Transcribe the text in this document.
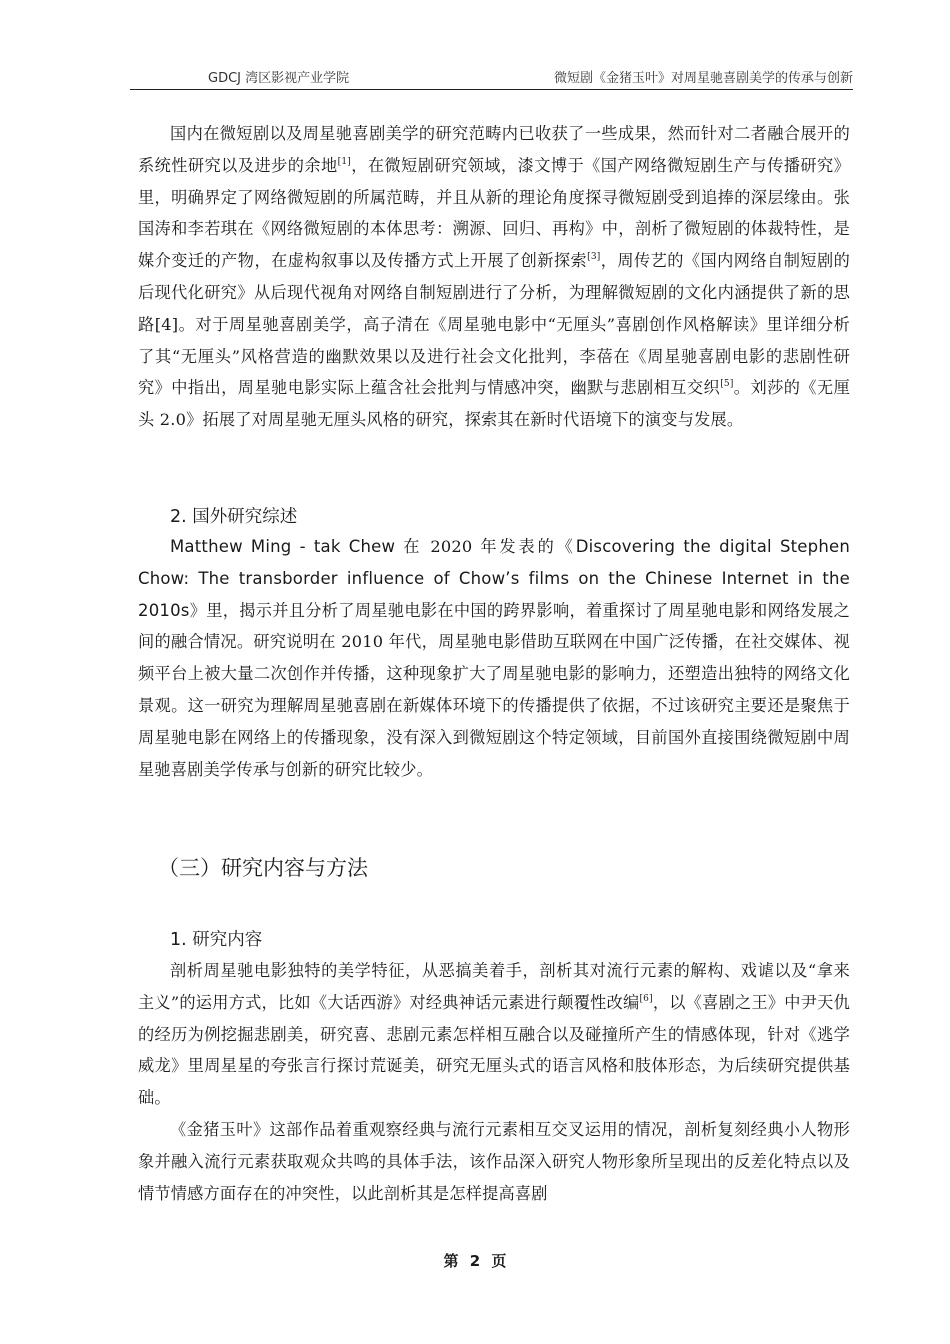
GDCJ 湾区影视产业学院	微短剧《金猪玉叶》对周星驰喜剧美学的传承与创新

国内在微短剧以及周星驰喜剧美学的研究范畴内已收获了一些成果，然而针对二者融合展开的系统性研究以及进步的余地[1]，在微短剧研究领域，漆文博于《国产网络微短剧生产与传播研究》里，明确界定了网络微短剧的所属范畴，并且从新的理论角度探寻微短剧受到追捧的深层缘由。张国涛和李若琪在《网络微短剧的本体思考：溯源、回归、再构》中，剖析了微短剧的体裁特性，是媒介变迁的产物，在虚构叙事以及传播方式上开展了创新探索[3]，周传艺的《国内网络自制短剧的后现代化研究》从后现代视角对网络自制短剧进行了分析，为理解微短剧的文化内涵提供了新的思路[4]。对于周星驰喜剧美学，高子清在《周星驰电影中“无厘头”喜剧创作风格解读》里详细分析了其“无厘头”风格营造的幽默效果以及进行社会文化批判，李蓓在《周星驰喜剧电影的悲剧性研究》中指出，周星驰电影实际上蕴含社会批判与情感冲突，幽默与悲剧相互交织[5]。刘莎的《无厘头 2.0》拓展了对周星驰无厘头风格的研究，探索其在新时代语境下的演变与发展。

2. 国外研究综述

Matthew Ming - tak Chew 在 2020 年发表的《Discovering the digital Stephen Chow: The transborder influence of Chow’s films on the Chinese Internet in the 2010s》里，揭示并且分析了周星驰电影在中国的跨界影响，着重探讨了周星驰电影和网络发展之间的融合情况。研究说明在 2010 年代，周星驰电影借助互联网在中国广泛传播，在社交媒体、视频平台上被大量二次创作并传播，这种现象扩大了周星驰电影的影响力，还塑造出独特的网络文化景观。这一研究为理解周星驰喜剧在新媒体环境下的传播提供了依据，不过该研究主要还是聚焦于周星驰电影在网络上的传播现象，没有深入到微短剧这个特定领域，目前国外直接围绕微短剧中周星驰喜剧美学传承与创新的研究比较少。

（三）研究内容与方法
1. 研究内容

剖析周星驰电影独特的美学特征，从恶搞美着手，剖析其对流行元素的解构、戏谑以及“拿来主义”的运用方式，比如《大话西游》对经典神话元素进行颠覆性改编[6]，以《喜剧之王》中尹天仇的经历为例挖掘悲剧美，研究喜、悲剧元素怎样相互融合以及碰撞所产生的情感体现，针对《逃学威龙》里周星星的夸张言行探讨荒诞美，研究无厘头式的语言风格和肢体形态，为后续研究提供基础。

《金猪玉叶》这部作品着重观察经典与流行元素相互交叉运用的情况，剖析复刻经典小人物形象并融入流行元素获取观众共鸣的具体手法，该作品深入研究人物形象所呈现出的反差化特点以及情节情感方面存在的冲突性，以此剖析其是怎样提高喜剧

第 2 页
